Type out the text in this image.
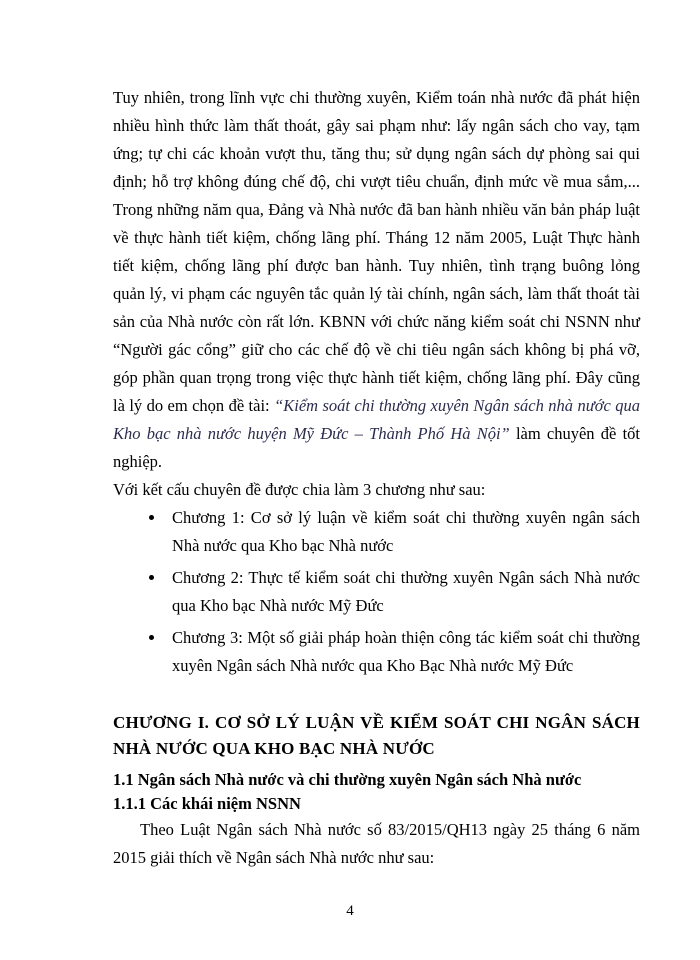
Tuy nhiên, trong lĩnh vực chi thường xuyên, Kiểm toán nhà nước đã phát hiện nhiều hình thức làm thất thoát, gây sai phạm như: lấy ngân sách cho vay, tạm ứng; tự chi các khoản vượt thu, tăng thu; sử dụng ngân sách dự phòng sai qui định; hỗ trợ không đúng chế độ, chi vượt tiêu chuẩn, định mức về mua sắm,... Trong những năm qua, Đảng và Nhà nước đã ban hành nhiều văn bản pháp luật về thực hành tiết kiệm, chống lãng phí. Tháng 12 năm 2005, Luật Thực hành tiết kiệm, chống lãng phí được ban hành. Tuy nhiên, tình trạng buông lỏng quản lý, vi phạm các nguyên tắc quản lý tài chính, ngân sách, làm thất thoát tài sản của Nhà nước còn rất lớn. KBNN với chức năng kiểm soát chi NSNN như “Người gác cổng” giữ cho các chế độ về chi tiêu ngân sách không bị phá vỡ, góp phần quan trọng trong việc thực hành tiết kiệm, chống lãng phí. Đây cũng là lý do em chọn đề tài: “Kiểm soát chi thường xuyên Ngân sách nhà nước qua Kho bạc nhà nước huyện Mỹ Đức – Thành Phố Hà Nội” làm chuyên đề tốt nghiệp.

Với kết cấu chuyên đề được chia làm 3 chương như sau:

• Chương 1: Cơ sở lý luận về kiểm soát chi thường xuyên ngân sách Nhà nước qua Kho bạc Nhà nước
• Chương 2: Thực tế kiểm soát chi thường xuyên Ngân sách Nhà nước qua Kho bạc Nhà nước Mỹ Đức
• Chương 3: Một số giải pháp hoàn thiện công tác kiểm soát chi thường xuyên Ngân sách Nhà nước qua Kho Bạc Nhà nước Mỹ Đức
CHƯƠNG I. CƠ SỞ LÝ LUẬN VỀ KIỂM SOÁT CHI NGÂN SÁCH NHÀ NƯỚC QUA KHO BẠC NHÀ NƯỚC
1.1 Ngân sách Nhà nước và chi thường xuyên Ngân sách Nhà nước
1.1.1 Các khái niệm NSNN

Theo Luật Ngân sách Nhà nước số 83/2015/QH13 ngày 25 tháng 6 năm 2015 giải thích về Ngân sách Nhà nước như sau:

4
